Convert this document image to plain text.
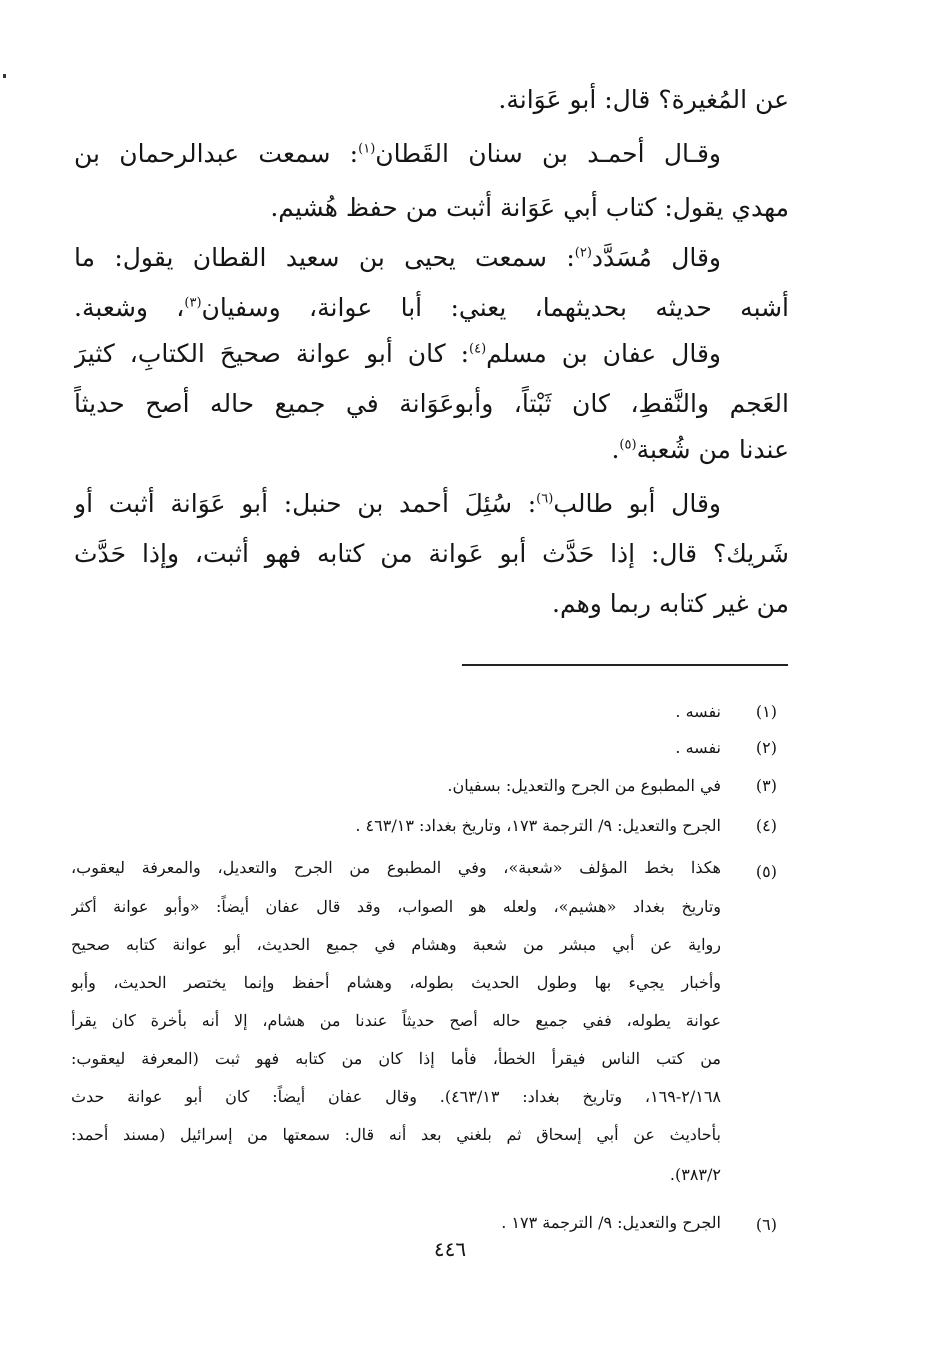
عن المُغيرة؟ قال: أبو عَوَانة.
وقـال أحمـد بن سنان القَطان$^{(١)}$: سمعت عبدالرحمان بن
مهدي يقول: كتاب أبي عَوَانة أثبت من حفظ هُشيم.
وقال مُسَدَّد$^{(٢)}$: سمعت يحيى بن سعيد القطان يقول: ما
أشبه حديثه بحديثهما، يعني: أبا عوانة، وسفيان$^{(٣)}$، وشعبة.
وقال عفان بن مسلم$^{(٤)}$: كان أبو عوانة صحيحَ الكتابِ، كثيرَ
العَجم والنَّقطِ، كان ثَبْتاً، وأبوعَوَانة في جميع حاله أصح حديثاً
عندنا من شُعبة$^{(٥)}$.
وقال أبو طالب$^{(٦)}$: سُئِلَ أحمد بن حنبل: أبو عَوَانة أثبت أو
شَريك؟ قال: إذا حَدَّث أبو عَوانة من كتابه فهو أثبت، وإذا حَدَّث
من غير كتابه ربما وهم.
(١)
نفسه .
(٢)
نفسه .
(٣)
في المطبوع من الجرح والتعديل: بسفيان.
(٤)
الجرح والتعديل: ٩/ الترجمة ١٧٣، وتاريخ بغداد: ٤٦٣/١٣ .
(٥)
هكذا بخط المؤلف «شعبة»، وفي المطبوع من الجرح والتعديل، والمعرفة ليعقوب،
وتاريخ بغداد «هشيم»، ولعله هو الصواب، وقد قال عفان أيضاً: «وأبو عوانة أكثر
رواية عن أبي مبشر من شعبة وهشام في جميع الحديث، أبو عوانة كتابه صحيح
وأخبار يجيء بها وطول الحديث بطوله، وهشام أحفظ وإنما يختصر الحديث، وأبو
عوانة يطوله، ففي جميع حاله أصح حديثاً عندنا من هشام، إلا أنه بأخرة كان يقرأ
من كتب الناس فيقرأ الخطأ، فأما إذا كان من كتابه فهو ثبت (المعرفة ليعقوب:
٢/١٦٨-١٦٩، وتاريخ بغداد: ٤٦٣/١٣). وقال عفان أيضاً: كان أبو عوانة حدث
بأحاديث عن أبي إسحاق ثم بلغني بعد أنه قال: سمعتها من إسرائيل (مسند أحمد:
٣٨٣/٢).
(٦)
الجرح والتعديل: ٩/ الترجمة ١٧٣ .
٤٤٦
